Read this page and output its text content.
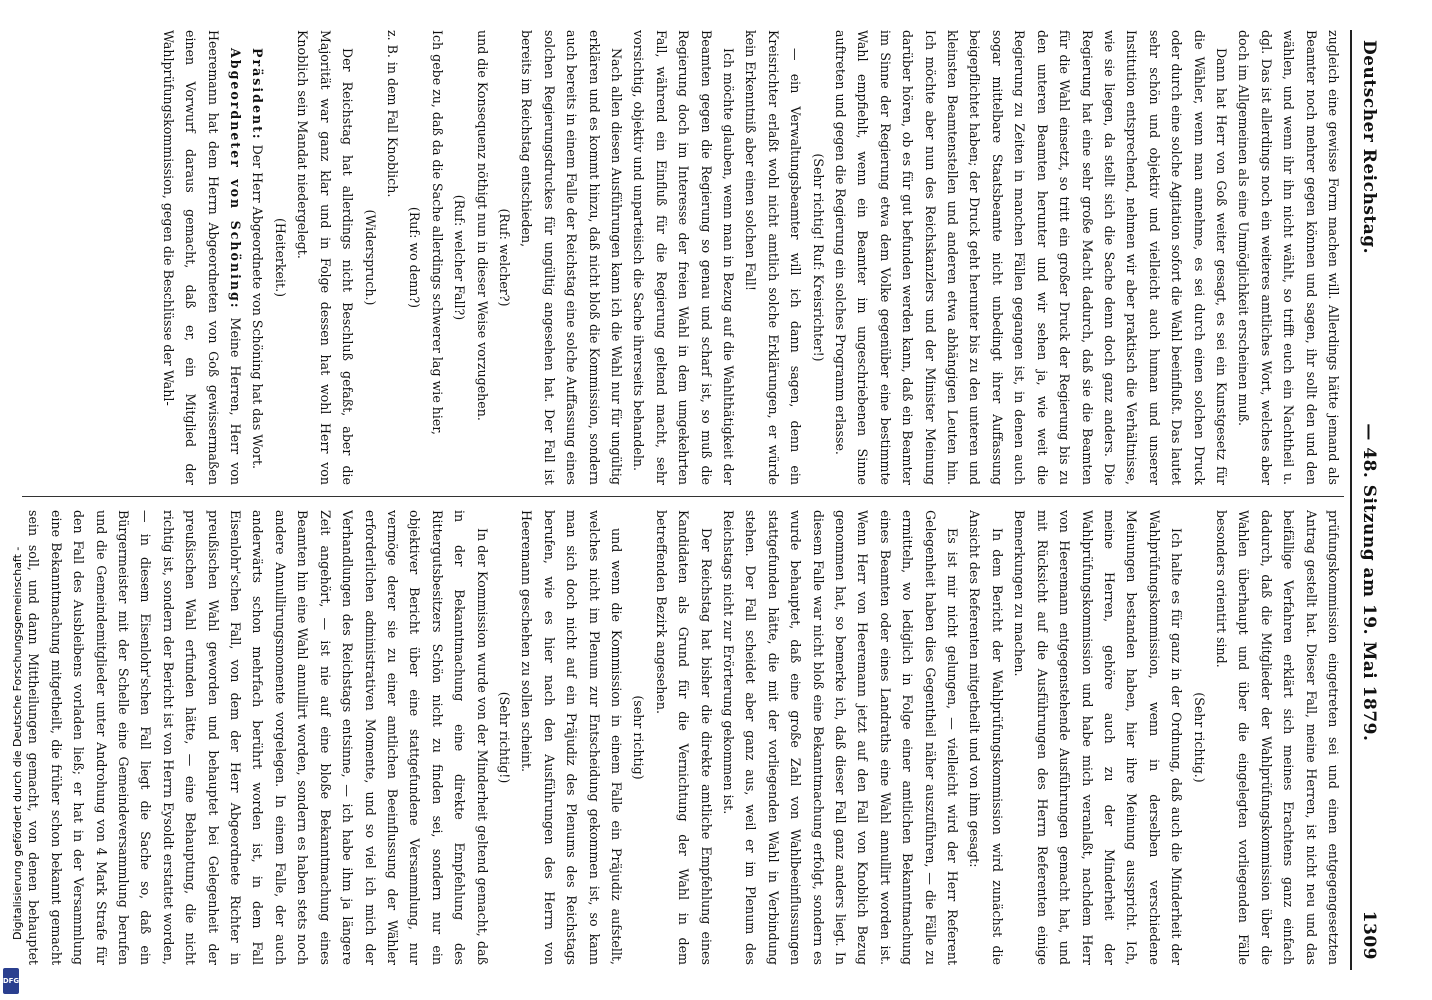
Deutscher Reichstag.
— 48. Sitzung am 19. Mai 1879.
1309

zugleich eine gewisse Form machen will. Allerdings hätte jemand als Beamter noch mehrer gegen können und sagen, ihr sollt den und den wählen, und wenn ihr ihn nicht wählt, so trifft euch ein Nachtheil u. dgl. Das ist allerdings noch ein weiteres amtliches Wort, welches aber doch im Allgemeinen als eine Unmöglichkeit erscheinen muß.

Dann hat Herr von Goß weiter gesagt, es sei ein Kunstgesetz für die Wähler, wenn man annehme, es sei durch einen solchen Druck oder durch eine solche Agitation sofort die Wahl beeinflußt. Das lautet sehr schön und objektiv und vielleicht auch human und unserer Institution entsprechend, nehmen wir aber praktisch die Verhältnisse, wie sie liegen, da stellt sich die Sache denn doch ganz anders. Die Regierung hat eine sehr große Macht dadurch, daß sie die Beamten für die Wahl einsetzt, so tritt ein großer Druck der Regierung bis zu den unteren Beamten herunter und wir sehen ja, wie weit die Regierung zu Zeiten in manchen Fällen gegangen ist, in denen auch sogar mittelbare Staatsbeamte nicht unbedingt ihrer Auffassung beigepflichtet haben; der Druck geht herunter bis zu den unteren und kleinsten Beamtenstellen und anderen etwa abhängigen Leuten hin. Ich möchte aber nun des Reichskanzlers und der Minister Meinung darüber hören, ob es für gut befunden werden kann, daß ein Beamter im Sinne der Regierung etwa dem Volke gegenüber eine bestimmte Wahl empfiehlt, wenn ein Beamter im ungeschriebenen Sinne auftreten und gegen die Regierung ein solches Programm erlasse.

(Sehr richtig! Ruf: Kreisrichter!)

— ein Verwaltungsbeamter will ich dann sagen, denn ein Kreisrichter erlaßt wohl nicht amtlich solche Erklärungen, er würde kein Erkenntniß aber einen solchen Fall!

Ich möchte glauben, wenn man in Bezug auf die Wahlthätigkeit der Beamten gegen die Regierung so genau und scharf ist, so muß die Regierung doch im Interesse der freien Wahl in dem umgekehrten Fall, während ein Einfluß für die Regierung geltend macht, sehr vorsichtig, objektiv und unparteiisch die Sache ihrerseits behandeln.

Nach allen diesen Ausführungen kann ich die Wahl nur für ungültig erklären und es kommt hinzu, daß nicht bloß die Kommission, sondern auch bereits in einem Falle der Reichstag eine solche Auffassung eines solchen Regierungsdruckes für ungültig angesehen hat. Der Fall ist bereits im Reichstag entschieden,

(Ruf: welcher?)

und die Konsequenz nöthigt nun in dieser Weise vorzugehen.

(Ruf: welcher Fall?)

Ich gebe zu, daß da die Sache allerdings schwerer lag wie hier,

(Ruf: wo denn?)

z. B. in dem Fall Knoblich.

(Widerspruch.)

Der Reichstag hat allerdings nicht Beschluß gefaßt, aber die Majorität war ganz klar und in Folge dessen hat wohl Herr von Knoblich sein Mandat niedergelegt.

(Heiterkeit.)

Präsident: Der Herr Abgeordnete von Schöning hat das Wort.

Abgeordneter von Schöning: Meine Herren, Herr von Heeremann hat dem Herrn Abgeordneten von Goß gewissermaßen einen Vorwurf daraus gemacht, daß er, ein Mitglied der Wahlprüfungskommission, gegen die Beschlüsse der Wahl-

prüfungskommission eingetreten sei und einen entgegengesetzten Antrag gestellt hat. Dieser Fall, meine Herren, ist nicht neu und das beifällige Verfahren erklärt sich meines Erachtens ganz einfach dadurch, daß die Mitglieder der Wahlprüfungskommission über die Wahlen überhaupt und über die eingelegten vorliegenden Fälle besonders orientirt sind.

(Sehr richtig.)

Ich halte es für ganz in der Ordnung, daß auch die Minderheit der Wahlprüfungskommission, wenn in derselben verschiedene Meinungen bestanden haben, hier ihre Meinung ausspricht. Ich, meine Herren, gehöre auch zu der Minderheit der Wahlprüfungskommission und habe mich veranlaßt, nachdem Herr von Heeremann entgegenstehende Ausführungen gemacht hat, und mit Rücksicht auf die Ausführungen des Herrn Referenten einige Bemerkungen zu machen.

In dem Bericht der Wahlprüfungskommission wird zunächst die Ansicht des Referenten mitgetheilt und von ihm gesagt:

Es ist mir nicht gelungen, — vielleicht wird der Herr Referent Gelegenheit haben dies Gegentheil näher auszuführen, — die Fälle zu ermitteln, wo lediglich in Folge einer amtlichen Bekanntmachung eines Beamten oder eines Landraths eine Wahl annullirt worden ist. Wenn Herr von Heeremann jetzt auf den Fall von Knoblich Bezug genommen hat, so bemerke ich, daß dieser Fall ganz anders liegt. In diesem Falle war nicht bloß eine Bekanntmachung erfolgt, sondern es wurde behauptet, daß eine große Zahl von Wahlbeeinflussungen stattgefunden hätte, die mit der vorliegenden Wahl in Verbindung stehen. Der Fall scheidet aber ganz aus, weil er im Plenum des Reichstags nicht zur Erörterung gekommen ist.

Der Reichstag hat bisher die direkte amtliche Empfehlung eines Kandidaten als Grund für die Vernichtung der Wahl in dem betreffenden Bezirk angesehen.

(sehr richtig)

und wenn die Kommission in einem Falle ein Präjudiz aufstellt, welches nicht im Plenum zur Entscheidung gekommen ist, so kann man sich doch nicht auf ein Präjudiz des Plenums des Reichstags berufen, wie es hier nach den Ausführungen des Herrn von Heeremann geschehen zu sollen scheint.

(Sehr richtig!)

In der Kommission wurde von der Minderheit geltend gemacht, daß in der Bekanntmachung eine direkte Empfehlung des Rittergutsbesitzers Schön nicht zu finden sei, sondern nur ein objektiver Bericht über eine stattgefundene Versammlung, nur vermöge derer sie zu einer amtlichen Beeinflussung der Wähler erforderlichen administrativen Momente, und so viel ich mich der Verhandlungen des Reichstags entsinne, — ich habe ihm ja längere Zeit angehört, — ist nie auf eine bloße Bekanntmachung eines Beamten hin eine Wahl annullirt worden, sondern es haben stets noch andere Annullirungsmomente vorgelegen. In einem Falle, der auch anderwärts schon mehrfach berührt worden ist, in dem Fall Eisenlohr'schen Fall, von dem der Herr Abgeordnete Richter in preußischen Wahl geworden und behauptet bei Gelegenheit der preußischen Wahl erfunden hätte, — eine Behauptung, die nicht richtig ist, sondern der Bericht ist von Herrn Eysoldt erstattet worden, — in diesem Eisenlohr'schen Fall liegt die Sache so, daß ein Bürgermeister mit der Schelle eine Gemeindeversammlung berufen und die Gemeindemitglieder unter Androhung von 4 Mark Strafe für den Fall des Ausbleibens vorladen ließ; er hat in der Versammlung eine Bekanntmachung mitgetheilt, die früher schon bekannt gemacht sein soll, und dann Mittheilungen gemacht, von denen behauptet

Digitalisierung gefördert durch die Deutsche Forschungsgemeinschaft -
DFG
